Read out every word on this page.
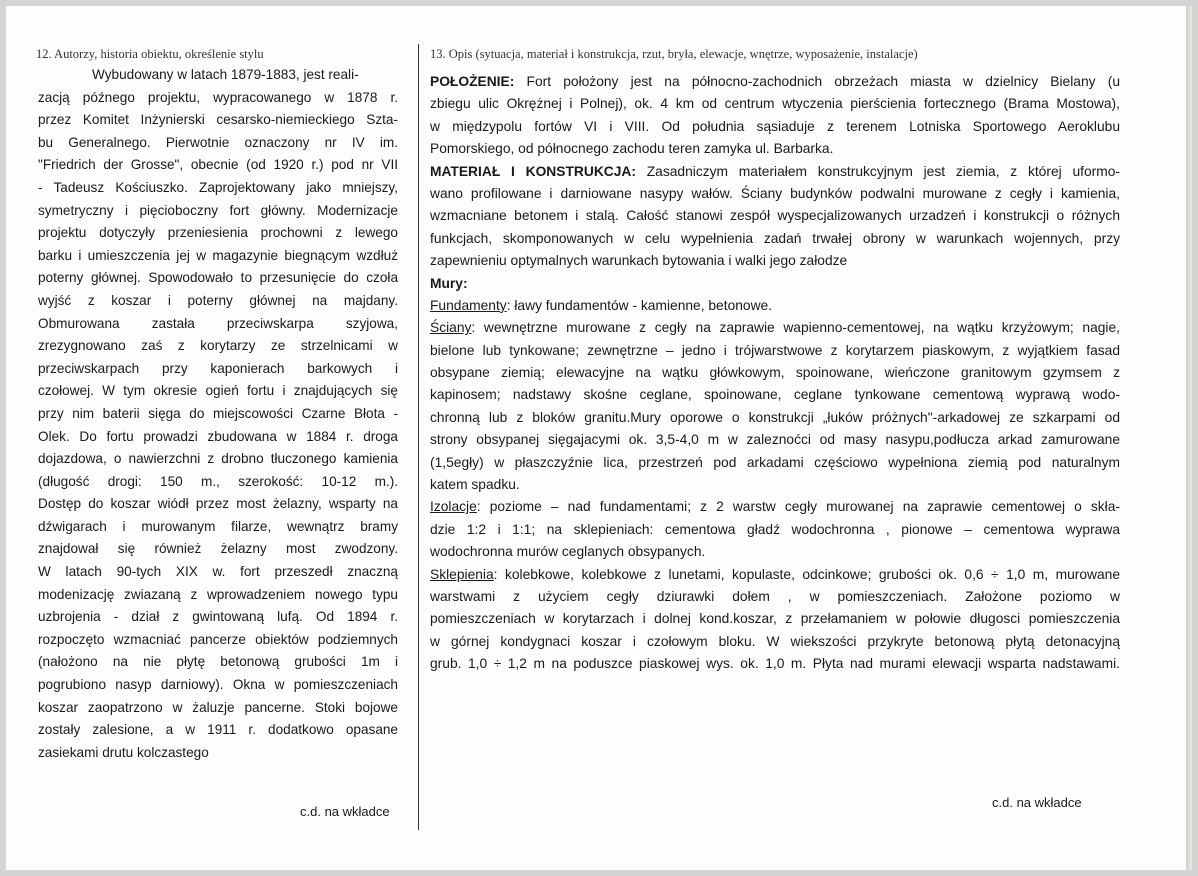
12. Autorzy, historia obiektu, określenie stylu
Wybudowany w latach 1879-1883, jest reali-
zacją późnego projektu, wypracowanego w 1878 r.
przez Komitet Inżynierski cesarsko-niemieckiego Szta-
bu Generalnego. Pierwotnie oznaczony nr IV im.
"Friedrich der Grosse", obecnie (od 1920 r.) pod nr VII
- Tadeusz Kościuszko. Zaprojektowany jako mniejszy,
symetryczny i pięcioboczny fort główny. Modernizacje
projektu dotyczyły przeniesienia prochowni z lewego
barku i umieszczenia jej w magazynie biegnącym wzdłuż
poterny głównej. Spowodowało to przesunięcie do czoła
wyjść z koszar i poterny głównej na majdany.
Obmurowana zastała przeciwskarpa szyjowa,
zrezygnowano zaś z korytarzy ze strzelnicami w
przeciwskarpach przy kaponierach barkowych i
czołowej. W tym okresie ogień fortu i znajdujących się
przy nim baterii sięga do miejscowości Czarne Błota -
Olek. Do fortu prowadzi zbudowana w 1884 r. droga
dojazdowa, o nawierzchni z drobno tłuczonego kamienia
(długość drogi: 150 m., szerokość: 10-12 m.).
Dostęp do koszar wiódł przez most żelazny, wsparty na
dźwigarach i murowanym filarze, wewnątrz bramy
znajdował się również żelazny most zwodzony.
W latach 90-tych XIX w. fort przeszedł znaczną
modenizację zwiazaną z wprowadzeniem nowego typu
uzbrojenia - dział z gwintowaną lufą. Od 1894 r.
rozpoczęto wzmacniać pancerze obiektów podziemnych
(nałożono na nie płytę betonową grubości 1m i
pogrubiono nasyp darniowy). Okna w pomieszczeniach
koszar zaopatrzono w żaluzje pancerne. Stoki bojowe
zostały zalesione, a w 1911 r. dodatkowo opasane
zasiekami drutu kolczastego
c.d. na wkładce
13. Opis (sytuacja, materiał i konstrukcja, rzut, bryła, elewacje, wnętrze, wyposażenie, instalacje)
POŁOŻENIE: Fort położony jest na północno-zachodnich obrzeżach miasta w dzielnicy Bielany (u
zbiegu ulic Okrężnej i Polnej), ok. 4 km od centrum wtyczenia pierścienia fortecznego (Brama Mostowa),
w międzypolu fortów VI i VIII. Od południa sąsiaduje z terenem Lotniska Sportowego Aeroklubu
Pomorskiego, od północnego zachodu teren zamyka ul. Barbarka.
MATERIAŁ I KONSTRUKCJA: Zasadniczym materiałem konstrukcyjnym jest ziemia, z której uformo-
wano profilowane i darniowane nasypy wałów. Ściany budynków podwalni murowane z cegły i kamienia,
wzmacniane betonem i stalą. Całość stanowi zespół wyspecjalizowanych urzadzeń i konstrukcji o różnych
funkcjach, skomponowanych w celu wypełnienia zadań trwałej obrony w warunkach wojennych, przy
zapewnieniu optymalnych warunkach bytowania i walki jego załodze
Mury:
Fundamenty: ławy fundamentów - kamienne, betonowe.
Ściany: wewnętrzne murowane z cegły na zaprawie wapienno-cementowej, na wątku krzyżowym; nagie,
bielone lub tynkowane; zewnętrzne – jedno i trójwarstwowe z korytarzem piaskowym, z wyjątkiem fasad
obsypane ziemią; elewacyjne na wątku główkowym, spoinowane, wieńczone granitowym gzymsem z
kapinosem; nadstawy skośne ceglane, spoinowane, ceglane tynkowane cementową wyprawą wodo-
chronną lub z bloków granitu.Mury oporowe o konstrukcji „łuków próżnych"-arkadowej ze szkarpami od
strony obsypanej sięgajacymi ok. 3,5-4,0 m w zaleznoćci od masy nasypu,podłucza arkad zamurowane
(1,5egły) w płaszczyźnie lica, przestrzeń pod arkadami częściowo wypełniona ziemią pod naturalnym
katem spadku.
Izolacje: poziome – nad fundamentami; z 2 warstw cegły murowanej na zaprawie cementowej o skła-
dzie 1:2 i 1:1; na sklepieniach: cementowa gładź wodochronna , pionowe – cementowa wyprawa
wodochronna murów ceglanych obsypanych.
Sklepienia: kolebkowe, kolebkowe z lunetami, kopulaste, odcinkowe; grubości ok. 0,6 ÷ 1,0 m, murowane
warstwami z użyciem cegły dziurawki dołem , w pomieszczeniach. Założone poziomo w
pomieszczeniach w korytarzach i dolnej kond.koszar, z przełamaniem w połowie długosci pomieszczenia
w górnej kondygnaci koszar i czołowym bloku. W wiekszości przykryte betonową płytą detonacyjną
grub. 1,0 ÷ 1,2 m na poduszce piaskowej wys. ok. 1,0 m. Płyta nad murami elewacji wsparta nadstawami.
c.d. na wkładce
